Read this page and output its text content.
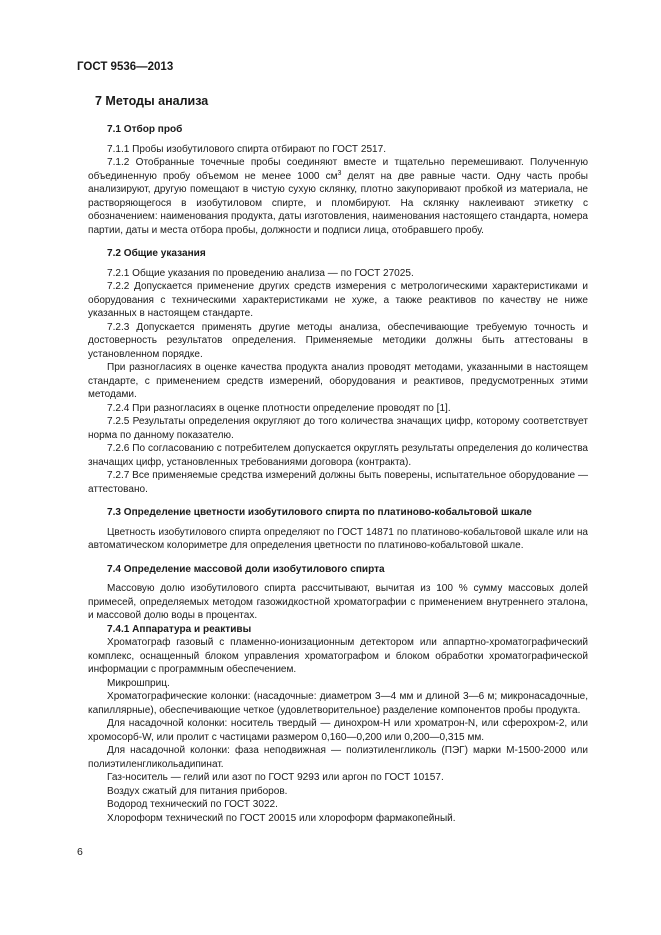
ГОСТ 9536—2013
7 Методы анализа
7.1 Отбор проб

7.1.1 Пробы изобутилового спирта отбирают по ГОСТ 2517.

7.1.2 Отобранные точечные пробы соединяют вместе и тщательно перемешивают. Полученную объединенную пробу объемом не менее 1000 $см^3$ делят на две равные части. Одну часть пробы анализируют, другую помещают в чистую сухую склянку, плотно закупоривают пробкой из материала, не растворяющегося в изобутиловом спирте, и пломбируют. На склянку наклеивают этикетку с обозначением: наименования продукта, даты изготовления, наименования настоящего стандарта, номера партии, даты и места отбора пробы, должности и подписи лица, отобравшего пробу.

7.2 Общие указания

7.2.1 Общие указания по проведению анализа — по ГОСТ 27025.

7.2.2 Допускается применение других средств измерения с метрологическими характеристиками и оборудования с техническими характеристиками не хуже, а также реактивов по качеству не ниже указанных в настоящем стандарте.

7.2.3 Допускается применять другие методы анализа, обеспечивающие требуемую точность и достоверность результатов определения. Применяемые методики должны быть аттестованы в установленном порядке.

При разногласиях в оценке качества продукта анализ проводят методами, указанными в настоящем стандарте, с применением средств измерений, оборудования и реактивов, предусмотренных этими методами.

7.2.4 При разногласиях в оценке плотности определение проводят по [1].

7.2.5 Результаты определения округляют до того количества значащих цифр, которому соответствует норма по данному показателю.

7.2.6 По согласованию с потребителем допускается округлять результаты определения до количества значащих цифр, установленных требованиями договора (контракта).

7.2.7 Все применяемые средства измерений должны быть поверены, испытательное оборудование — аттестовано.

7.3 Определение цветности изобутилового спирта по платиново-кобальтовой шкале

Цветность изобутилового спирта определяют по ГОСТ 14871 по платиново-кобальтовой шкале или на автоматическом колориметре для определения цветности по платиново-кобальтовой шкале.

7.4 Определение массовой доли изобутилового спирта

Массовую долю изобутилового спирта рассчитывают, вычитая из 100 % сумму массовых долей примесей, определяемых методом газожидкостной хроматографии с применением внутреннего эталона, и массовой долю воды в процентах.

7.4.1 Аппаратура и реактивы

Хроматограф газовый с пламенно-ионизационным детектором или аппартно-хроматографический комплекс, оснащенный блоком управления хроматографом и блоком обработки хроматографической информации с программным обеспечением.

Микрошприц.

Хроматографические колонки: (насадочные: диаметром 3—4 мм и длиной 3—6 м; микронасадочные, капиллярные), обеспечивающие четкое (удовлетворительное) разделение компонентов пробы продукта.

Для насадочной колонки: носитель твердый — динохром-Н или хроматрон-N, или сферохром-2, или хромосорб-W, или пролит с частицами размером 0,160—0,200 или 0,200—0,315 мм.

Для насадочной колонки: фаза неподвижная — полиэтиленгликоль (ПЭГ) марки М-1500-2000 или полиэтиленгликольадипинат.

Газ-носитель — гелий или азот по ГОСТ 9293 или аргон по ГОСТ 10157.

Воздух сжатый для питания приборов.

Водород технический по ГОСТ 3022.

Хлороформ технический по ГОСТ 20015 или хлороформ фармакопейный.

6
